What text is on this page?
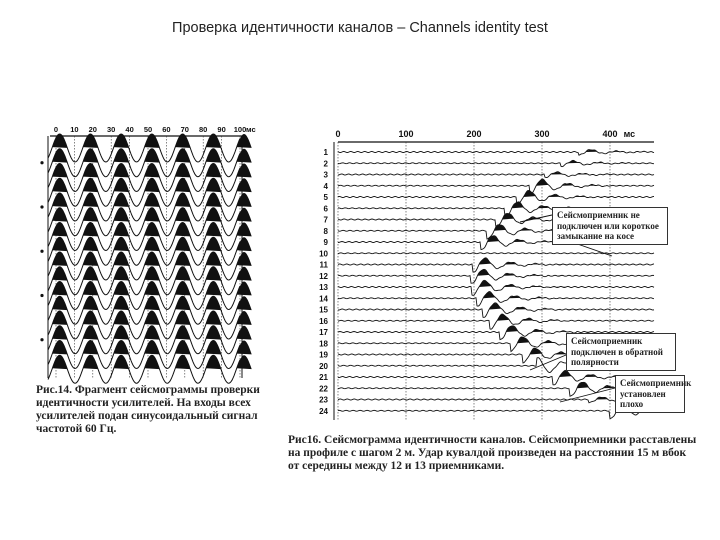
Проверка идентичности каналов – Channels identity test
0 10 20 30 40 50 60 70 80 90 100 мс	0	100	200	300	400 мс
1
2
3
4
5
6
7
8
9
10
11
12
13
14
15
16
17
18
19
20
21
22
23
24
Рис.14. Фрагмент сейсмограммы проверки идентичности усилителей. На входы всех усилителей подан синусоидальный сигнал частотой 60 Гц.
Рис16. Сейсмограмма идентичности каналов. Сейсмоприемники расставлены на профиле с шагом 2 м. Удар кувалдой произведен на расстоянии 15 м вбок от середины между 12 и 13 приемниками.
Сейсмоприемник не подключен или короткое замыкание на косе
Сейсмоприемник подключен в обратной полярности
Сейсмоприемник установлен плохо
